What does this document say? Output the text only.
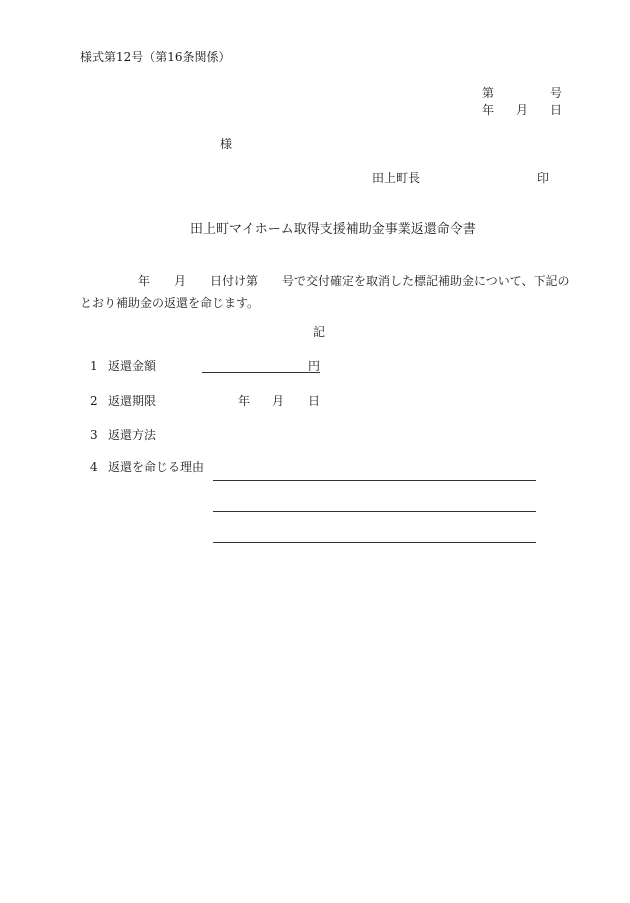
様式第12号（第16条関係）
第	号
年 月 日
様
田上町長	印
田上町マイホーム取得支援補助金事業返還命令書
年　　月　　日付け第　　号で交付確定を取消した標記補助金について、下記の
とおり補助金の返還を命じます。
記
1 返還金額	円
2 返還期限	年 月 日
3 返還方法
4 返還を命じる理由
